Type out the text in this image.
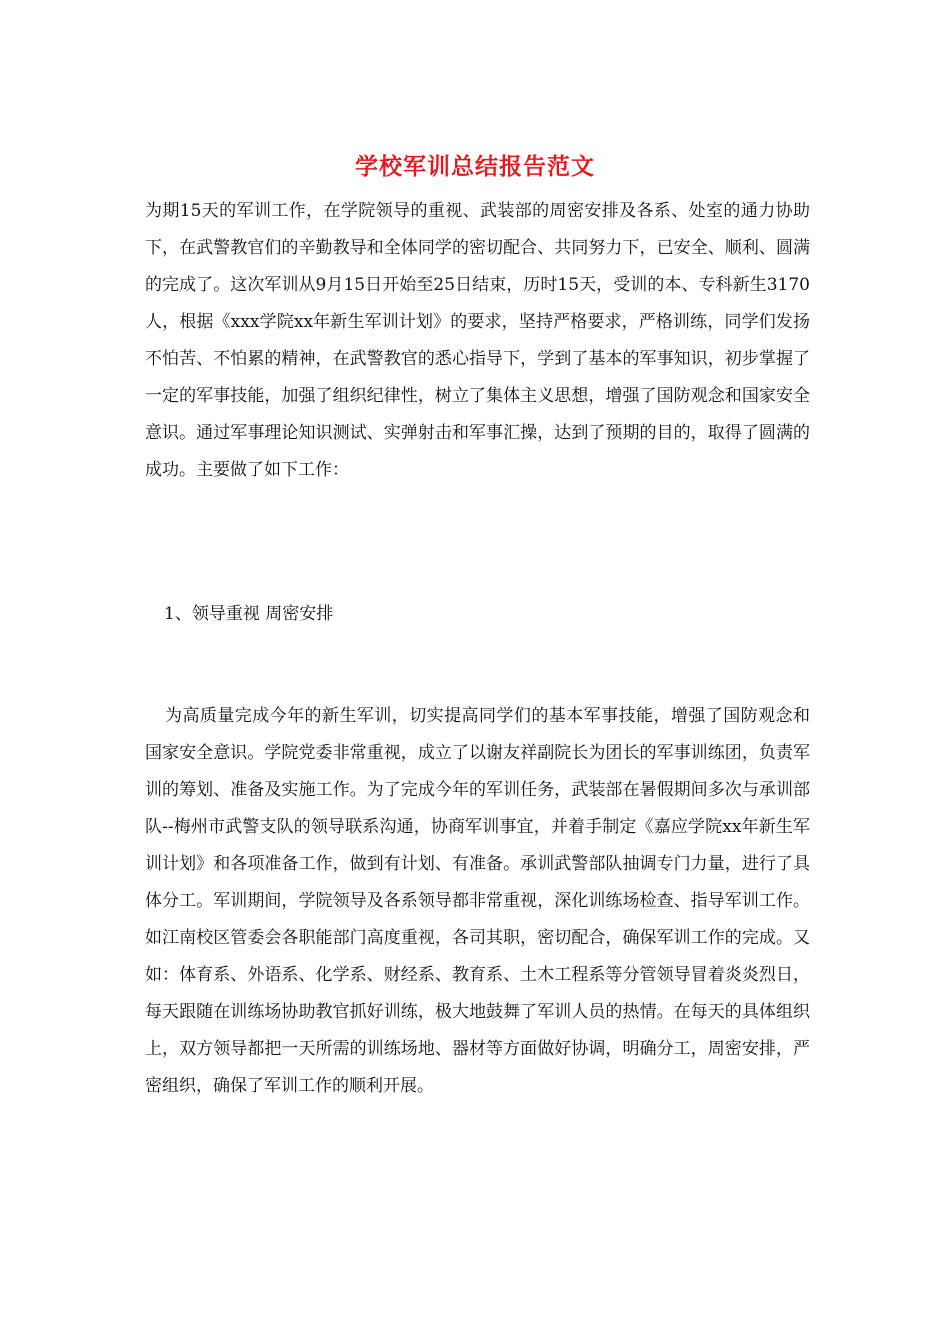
学校军训总结报告范文

为期15天的军训工作，在学院领导的重视、武装部的周密安排及各系、处室的通力协助下，在武警教官们的辛勤教导和全体同学的密切配合、共同努力下，已安全、顺利、圆满的完成了。这次军训从9月15日开始至25日结束，历时15天，受训的本、专科新生3170人，根据《xxx学院xx年新生军训计划》的要求，坚持严格要求，严格训练，同学们发扬不怕苦、不怕累的精神，在武警教官的悉心指导下，学到了基本的军事知识，初步掌握了一定的军事技能，加强了组织纪律性，树立了集体主义思想，增强了国防观念和国家安全意识。通过军事理论知识测试、实弹射击和军事汇操，达到了预期的目的，取得了圆满的成功。主要做了如下工作：

1、领导重视 周密安排

为高质量完成今年的新生军训，切实提高同学们的基本军事技能，增强了国防观念和国家安全意识。学院党委非常重视，成立了以谢友祥副院长为团长的军事训练团，负责军训的筹划、准备及实施工作。为了完成今年的军训任务，武装部在暑假期间多次与承训部队--梅州市武警支队的领导联系沟通，协商军训事宜，并着手制定《嘉应学院xx年新生军训计划》和各项准备工作，做到有计划、有准备。承训武警部队抽调专门力量，进行了具体分工。军训期间，学院领导及各系领导都非常重视，深化训练场检查、指导军训工作。如江南校区管委会各职能部门高度重视，各司其职，密切配合，确保军训工作的完成。又如：体育系、外语系、化学系、财经系、教育系、土木工程系等分管领导冒着炎炎烈日，每天跟随在训练场协助教官抓好训练，极大地鼓舞了军训人员的热情。在每天的具体组织上，双方领导都把一天所需的训练场地、器材等方面做好协调，明确分工，周密安排，严密组织，确保了军训工作的顺利开展。
